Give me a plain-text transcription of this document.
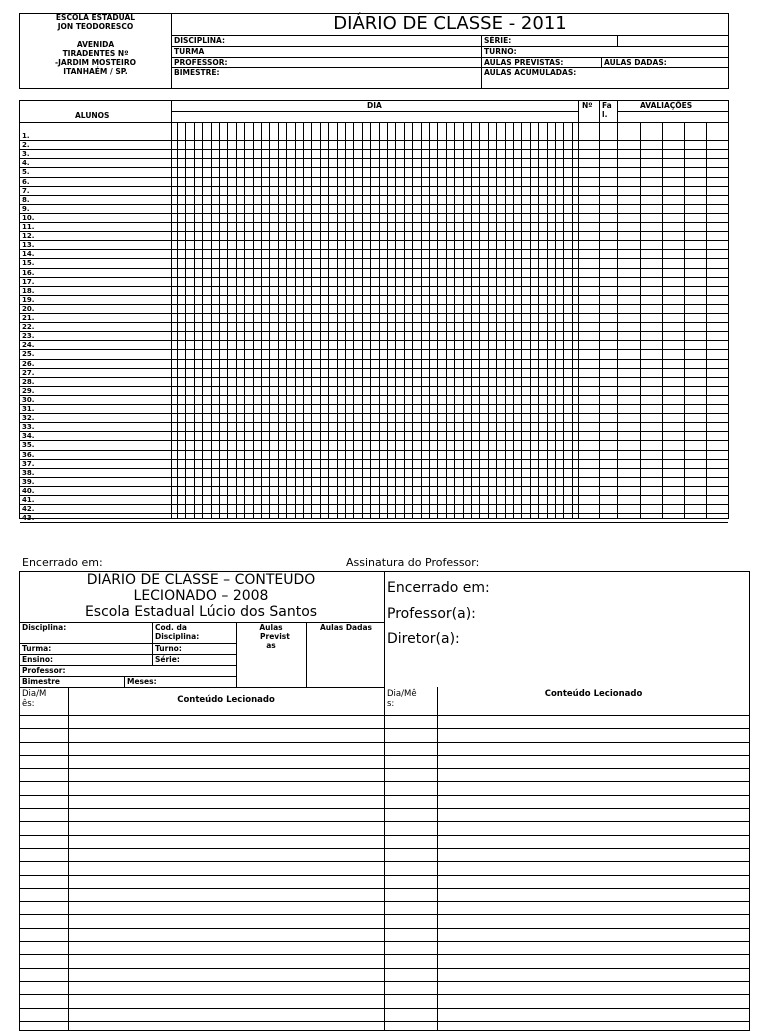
ESCOLA ESTADUAL
JON TEODORESCO
AVENIDA
TIRADENTES Nº
-JARDIM MOSTEIRO
ITANHAÉM / SP.
DIÁRIO DE CLASSE - 2011
DISCIPLINA:
TURMA
PROFESSOR:
BIMESTRE:
SÉRIE:
TURNO:
AULAS PREVISTAS:	AULAS DADAS:
AULAS ACUMULADAS:
ALUNOS
DIA	Nº Fa
l.
AVALIAÇÕES
1.
2.
3.
4.
5.
6.
7.
8.
9.
10.
11.
12.
13.
14.
15.
16.
17.
18.
19.
20.
21.
22.
23.
24.
25.
26.
27.
28.
29.
30.
31.
32.
33.
34.
35.
36.
37.
38.
39.
40.
41.
42.
43.
Encerrado em:	Assinatura do Professor:
DIARIO DE CLASSE – CONTEUDO
LECIONADO – 2008
Escola Estadual Lúcio dos Santos
Encerrado em:
Professor(a):
Diretor(a):
Disciplina:	Cod. da
Disciplina:
Aulas
Previst
as
Aulas Dadas
Turma:	Turno:
Ensino:	Série:
Professor:
Bimestre	Meses:
Dia/M
ês:	Conteúdo Lecionado
Dia/Mê
s:
Conteúdo Lecionado
